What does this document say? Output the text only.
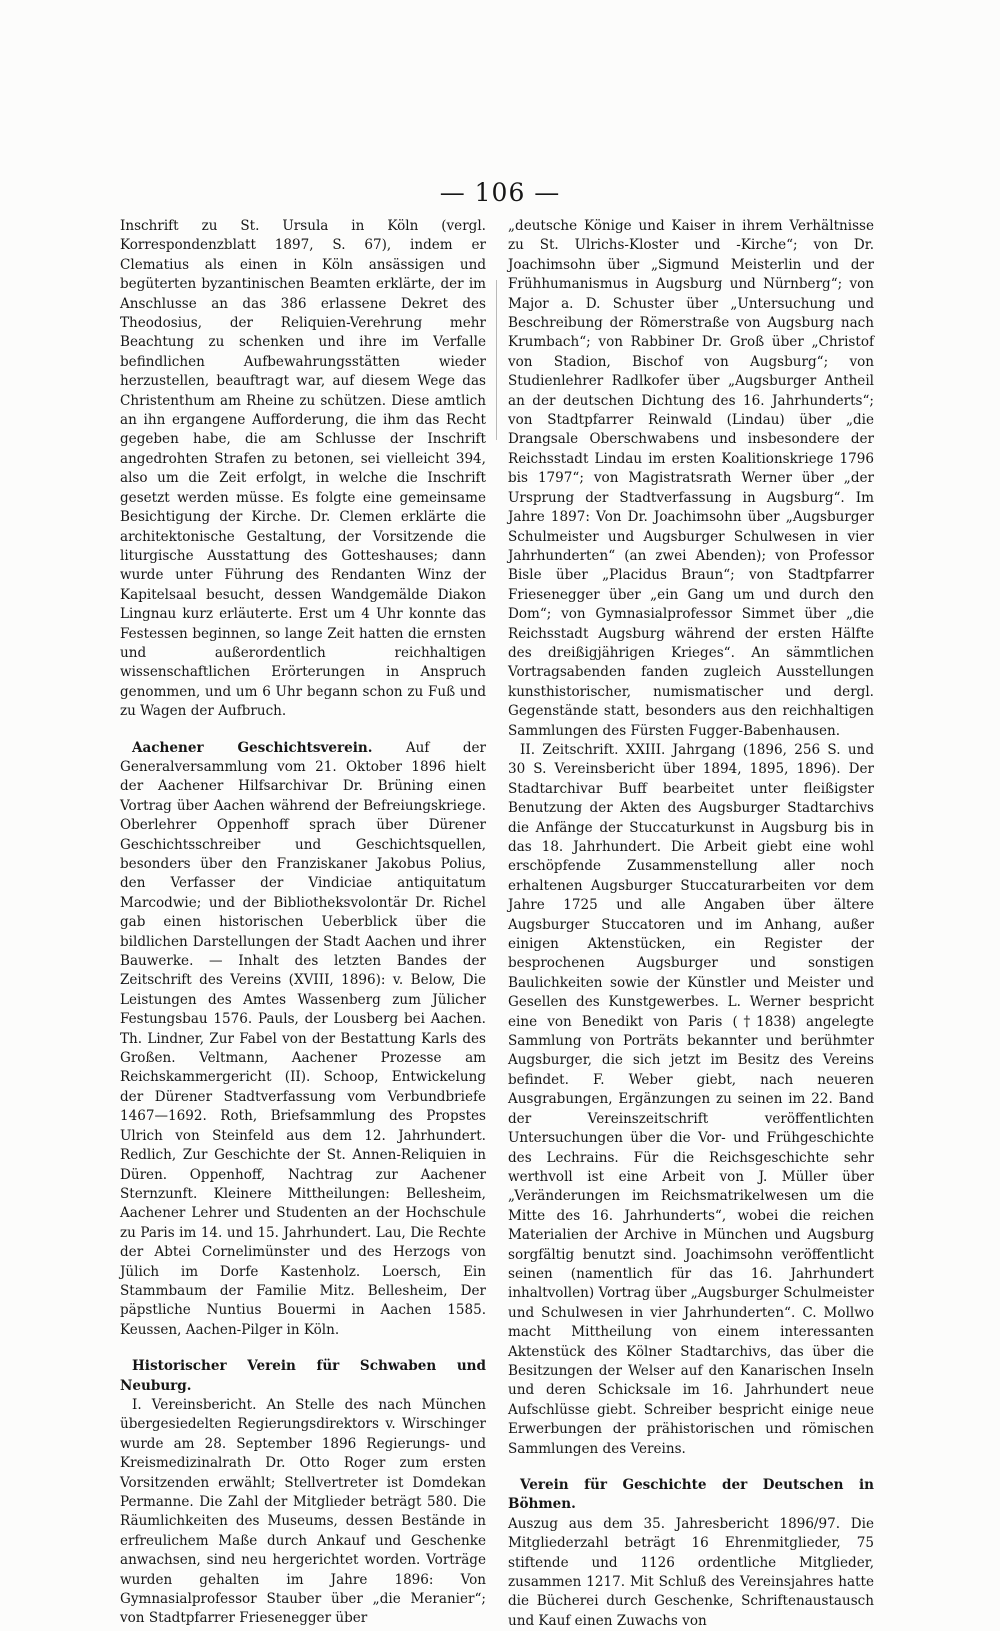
— 106 —

Inschrift zu St. Ursula in Köln (vergl. Korrespondenzblatt 1897, S. 67), indem er Clematius als einen in Köln ansässigen und begüterten byzantinischen Beamten erklärte, der im Anschlusse an das 386 erlassene Dekret des Theodosius, der Reliquien-Verehrung mehr Beachtung zu schenken und ihre im Verfalle befindlichen Aufbewahrungsstätten wieder herzustellen, beauftragt war, auf diesem Wege das Christenthum am Rheine zu schützen. Diese amtlich an ihn ergangene Aufforderung, die ihm das Recht gegeben habe, die am Schlusse der Inschrift angedrohten Strafen zu betonen, sei vielleicht 394, also um die Zeit erfolgt, in welche die Inschrift gesetzt werden müsse. Es folgte eine gemeinsame Besichtigung der Kirche. Dr. Clemen erklärte die architektonische Gestaltung, der Vorsitzende die liturgische Ausstattung des Gotteshauses; dann wurde unter Führung des Rendanten Winz der Kapitelsaal besucht, dessen Wandgemälde Diakon Lingnau kurz erläuterte. Erst um 4 Uhr konnte das Festessen beginnen, so lange Zeit hatten die ernsten und außerordentlich reichhaltigen wissenschaftlichen Erörterungen in Anspruch genommen, und um 6 Uhr begann schon zu Fuß und zu Wagen der Aufbruch.

Aachener Geschichtsverein. Auf der Generalversammlung vom 21. Oktober 1896 hielt der Aachener Hilfsarchivar Dr. Brüning einen Vortrag über Aachen während der Befreiungskriege. Oberlehrer Oppenhoff sprach über Dürener Geschichtsschreiber und Geschichtsquellen, besonders über den Franziskaner Jakobus Polius, den Verfasser der Vindiciae antiquitatum Marcodwie; und der Bibliotheksvolontär Dr. Richel gab einen historischen Ueberblick über die bildlichen Darstellungen der Stadt Aachen und ihrer Bauwerke. — Inhalt des letzten Bandes der Zeitschrift des Vereins (XVIII, 1896): v. Below, Die Leistungen des Amtes Wassenberg zum Jülicher Festungsbau 1576. Pauls, der Lousberg bei Aachen. Th. Lindner, Zur Fabel von der Bestattung Karls des Großen. Veltmann, Aachener Prozesse am Reichskammergericht (II). Schoop, Entwickelung der Dürener Stadtverfassung vom Verbundbriefe 1467—1692. Roth, Briefsammlung des Propstes Ulrich von Steinfeld aus dem 12. Jahrhundert. Redlich, Zur Geschichte der St. Annen-Reliquien in Düren. Oppenhoff, Nachtrag zur Aachener Sternzunft. Kleinere Mittheilungen: Bellesheim, Aachener Lehrer und Studenten an der Hochschule zu Paris im 14. und 15. Jahrhundert. Lau, Die Rechte der Abtei Cornelimünster und des Herzogs von Jülich im Dorfe Kastenholz. Loersch, Ein Stammbaum der Familie Mitz. Bellesheim, Der päpstliche Nuntius Bouermi in Aachen 1585. Keussen, Aachen-Pilger in Köln.

Historischer Verein für Schwaben und Neuburg.

I. Vereinsbericht. An Stelle des nach München übergesiedelten Regierungsdirektors v. Wirschinger wurde am 28. September 1896 Regierungs- und Kreismedizinalrath Dr. Otto Roger zum ersten Vorsitzenden erwählt; Stellvertreter ist Domdekan Permanne. Die Zahl der Mitglieder beträgt 580. Die Räumlichkeiten des Museums, dessen Bestände in erfreulichem Maße durch Ankauf und Geschenke anwachsen, sind neu hergerichtet worden. Vorträge wurden gehalten im Jahre 1896: Von Gymnasialprofessor Stauber über „die Meranier“; von Stadtpfarrer Friesenegger über

„deutsche Könige und Kaiser in ihrem Verhältnisse zu St. Ulrichs-Kloster und -Kirche“; von Dr. Joachimsohn über „Sigmund Meisterlin und der Frühhumanismus in Augsburg und Nürnberg“; von Major a. D. Schuster über „Untersuchung und Beschreibung der Römerstraße von Augsburg nach Krumbach“; von Rabbiner Dr. Groß über „Christof von Stadion, Bischof von Augsburg“; von Studienlehrer Radlkofer über „Augsburger Antheil an der deutschen Dichtung des 16. Jahrhunderts“; von Stadtpfarrer Reinwald (Lindau) über „die Drangsale Oberschwabens und insbesondere der Reichsstadt Lindau im ersten Koalitionskriege 1796 bis 1797“; von Magistratsrath Werner über „der Ursprung der Stadtverfassung in Augsburg“. Im Jahre 1897: Von Dr. Joachimsohn über „Augsburger Schulmeister und Augsburger Schulwesen in vier Jahrhunderten“ (an zwei Abenden); von Professor Bisle über „Placidus Braun“; von Stadtpfarrer Friesenegger über „ein Gang um und durch den Dom“; von Gymnasialprofessor Simmet über „die Reichsstadt Augsburg während der ersten Hälfte des dreißigjährigen Krieges“. An sämmtlichen Vortragsabenden fanden zugleich Ausstellungen kunsthistorischer, numismatischer und dergl. Gegenstände statt, besonders aus den reichhaltigen Sammlungen des Fürsten Fugger-Babenhausen.

II. Zeitschrift. XXIII. Jahrgang (1896, 256 S. und 30 S. Vereinsbericht über 1894, 1895, 1896). Der Stadtarchivar Buff bearbeitet unter fleißigster Benutzung der Akten des Augsburger Stadtarchivs die Anfänge der Stuccaturkunst in Augsburg bis in das 18. Jahrhundert. Die Arbeit giebt eine wohl erschöpfende Zusammenstellung aller noch erhaltenen Augsburger Stuccaturarbeiten vor dem Jahre 1725 und alle Angaben über ältere Augsburger Stuccatoren und im Anhang, außer einigen Aktenstücken, ein Register der besprochenen Augsburger und sonstigen Baulichkeiten sowie der Künstler und Meister und Gesellen des Kunstgewerbes. L. Werner bespricht eine von Benedikt von Paris (†1838) angelegte Sammlung von Porträts bekannter und berühmter Augsburger, die sich jetzt im Besitz des Vereins befindet. F. Weber giebt, nach neueren Ausgrabungen, Ergänzungen zu seinen im 22. Band der Vereinszeitschrift veröffentlichten Untersuchungen über die Vor- und Frühgeschichte des Lechrains. Für die Reichsgeschichte sehr werthvoll ist eine Arbeit von J. Müller über „Veränderungen im Reichsmatrikelwesen um die Mitte des 16. Jahrhunderts“, wobei die reichen Materialien der Archive in München und Augsburg sorgfältig benutzt sind. Joachimsohn veröffentlicht seinen (namentlich für das 16. Jahrhundert inhaltvollen) Vortrag über „Augsburger Schulmeister und Schulwesen in vier Jahrhunderten“. C. Mollwo macht Mittheilung von einem interessanten Aktenstück des Kölner Stadtarchivs, das über die Besitzungen der Welser auf den Kanarischen Inseln und deren Schicksale im 16. Jahrhundert neue Aufschlüsse giebt. Schreiber bespricht einige neue Erwerbungen der prähistorischen und römischen Sammlungen des Vereins.

Verein für Geschichte der Deutschen in Böhmen.

Auszug aus dem 35. Jahresbericht 1896/97. Die Mitgliederzahl beträgt 16 Ehrenmitglieder, 75 stiftende und 1126 ordentliche Mitglieder, zusammen 1217. Mit Schluß des Vereinsjahres hatte die Bücherei durch Geschenke, Schriftenaustausch und Kauf einen Zuwachs von
